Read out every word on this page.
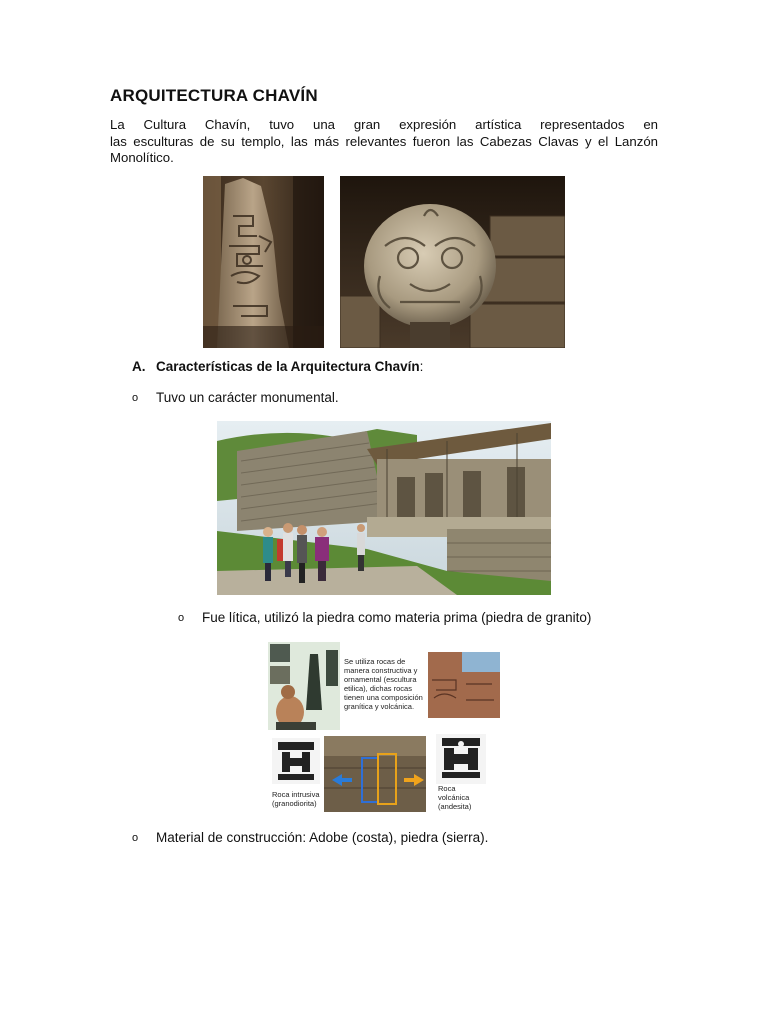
ARQUITECTURA CHAVÍN
La Cultura Chavín, tuvo una gran expresión artística representados en
las esculturas de su templo, las más relevantes fueron las Cabezas Clavas y el Lanzón
Monolítico.
A. Características de la Arquitectura Chavín:
o Tuvo un carácter monumental.
o Fue lítica, utilizó la piedra como materia prima (piedra de granito)
Se utiliza rocas de
manera constructiva y
ornamental (escultura
etilica), dichas rocas
tienen una composición
granítica y volcánica.
Roca intrusiva
(granodiorita)
Roca
volcánica
(andesita)
o Material de construcción: Adobe (costa), piedra (sierra).
